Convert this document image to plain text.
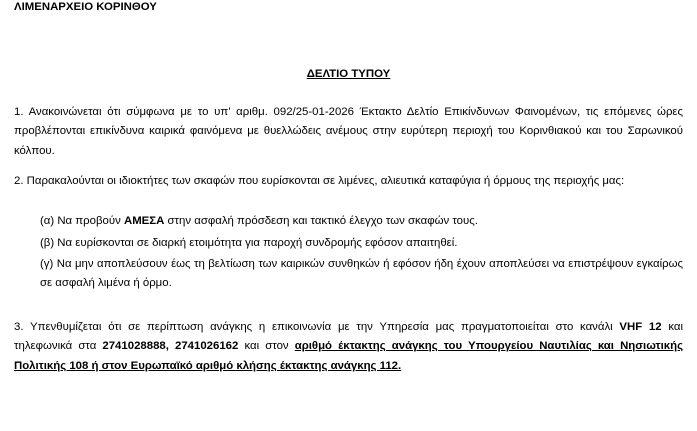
ΛΙΜΕΝΑΡΧΕΙΟ ΚΟΡΙΝΘΟΥ
ΔΕΛΤΙΟ ΤΥΠΟΥ
1. Ανακοινώνεται ότι σύμφωνα με το υπ’ αριθμ. 092/25-01-2026 Έκτακτο Δελτίο Επικίνδυνων Φαινομένων, τις επόμενες ώρες προβλέπονται επικίνδυνα καιρικά φαινόμενα με θυελλώδεις ανέμους στην ευρύτερη περιοχή του Κορινθιακού και του Σαρωνικού κόλπου.
2. Παρακαλούνται οι ιδιοκτήτες των σκαφών που ευρίσκονται σε λιμένες, αλιευτικά καταφύγια ή όρμους της περιοχής μας:
(α) Να προβούν ΑΜΕΣΑ στην ασφαλή πρόσδεση και τακτικό έλεγχο των σκαφών τους.
(β) Να ευρίσκονται σε διαρκή ετοιμότητα για παροχή συνδρομής εφόσον απαιτηθεί.
(γ) Να μην αποπλεύσουν έως τη βελτίωση των καιρικών συνθηκών ή εφόσον ήδη έχουν αποπλεύσει να επιστρέψουν εγκαίρως σε ασφαλή λιμένα ή όρμο.
3. Υπενθυμίζεται ότι σε περίπτωση ανάγκης η επικοινωνία με την Υπηρεσία μας πραγματοποιείται στο κανάλι VHF 12 και τηλεφωνικά στα 2741028888, 2741026162 και στον αριθμό έκτακτης ανάγκης του Υπουργείου Ναυτιλίας και Νησιωτικής Πολιτικής 108 ή στον Ευρωπαϊκό αριθμό κλήσης έκτακτης ανάγκης 112.
